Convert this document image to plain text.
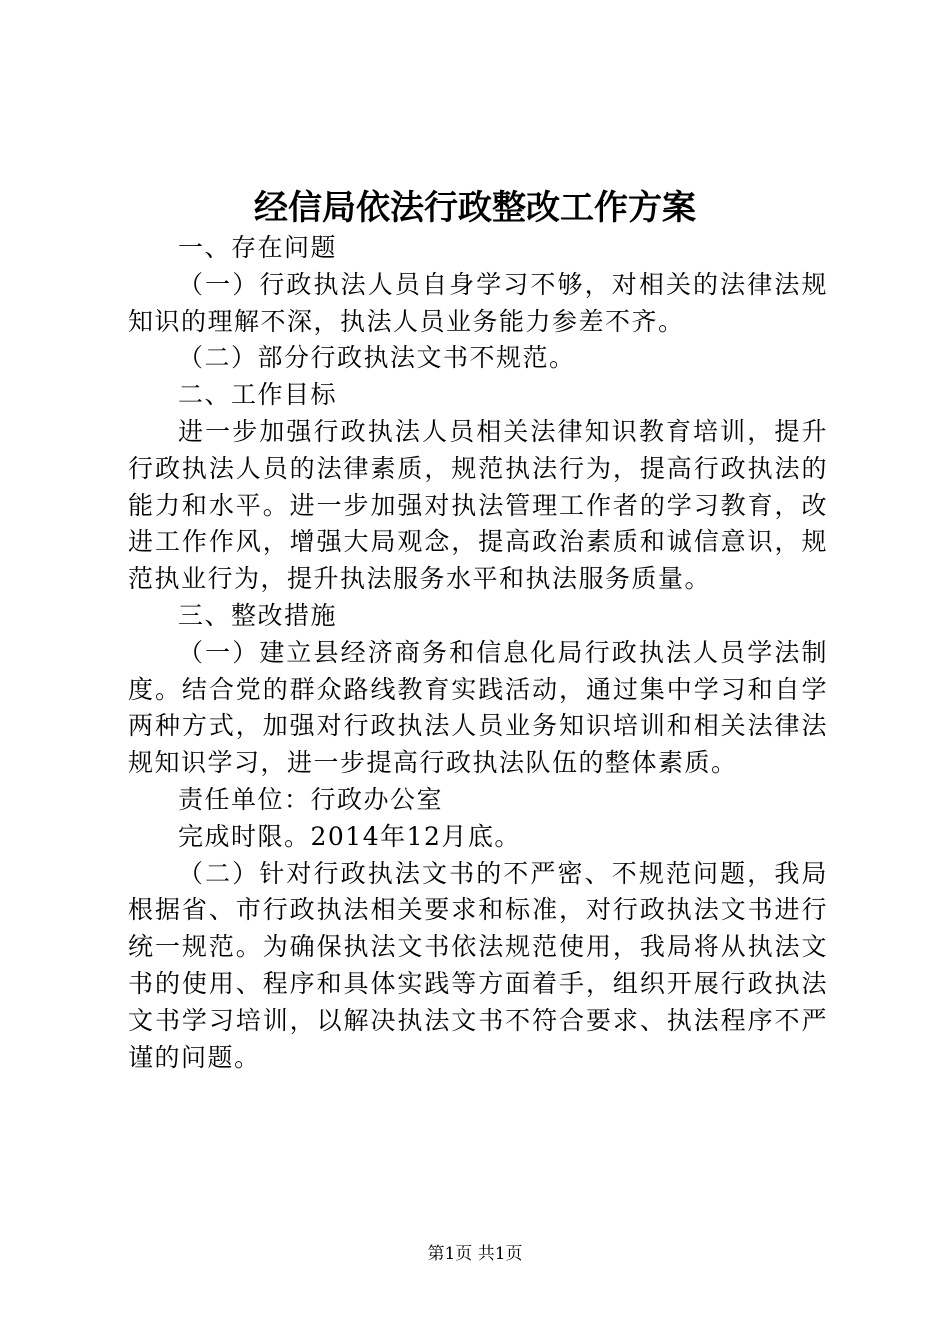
经信局依法行政整改工作方案

一、存在问题

（一）行政执法人员自身学习不够，对相关的法律法规知识的理解不深，执法人员业务能力参差不齐。

（二）部分行政执法文书不规范。

二、工作目标

进一步加强行政执法人员相关法律知识教育培训，提升行政执法人员的法律素质，规范执法行为，提高行政执法的能力和水平。进一步加强对执法管理工作者的学习教育，改进工作作风，增强大局观念，提高政治素质和诚信意识，规范执业行为，提升执法服务水平和执法服务质量。

三、整改措施

（一）建立县经济商务和信息化局行政执法人员学法制度。结合党的群众路线教育实践活动，通过集中学习和自学两种方式，加强对行政执法人员业务知识培训和相关法律法规知识学习，进一步提高行政执法队伍的整体素质。

责任单位：行政办公室

完成时限。2014年12月底。

（二）针对行政执法文书的不严密、不规范问题，我局根据省、市行政执法相关要求和标准，对行政执法文书进行统一规范。为确保执法文书依法规范使用，我局将从执法文书的使用、程序和具体实践等方面着手，组织开展行政执法文书学习培训，以解决执法文书不符合要求、执法程序不严谨的问题。

第1页 共1页
